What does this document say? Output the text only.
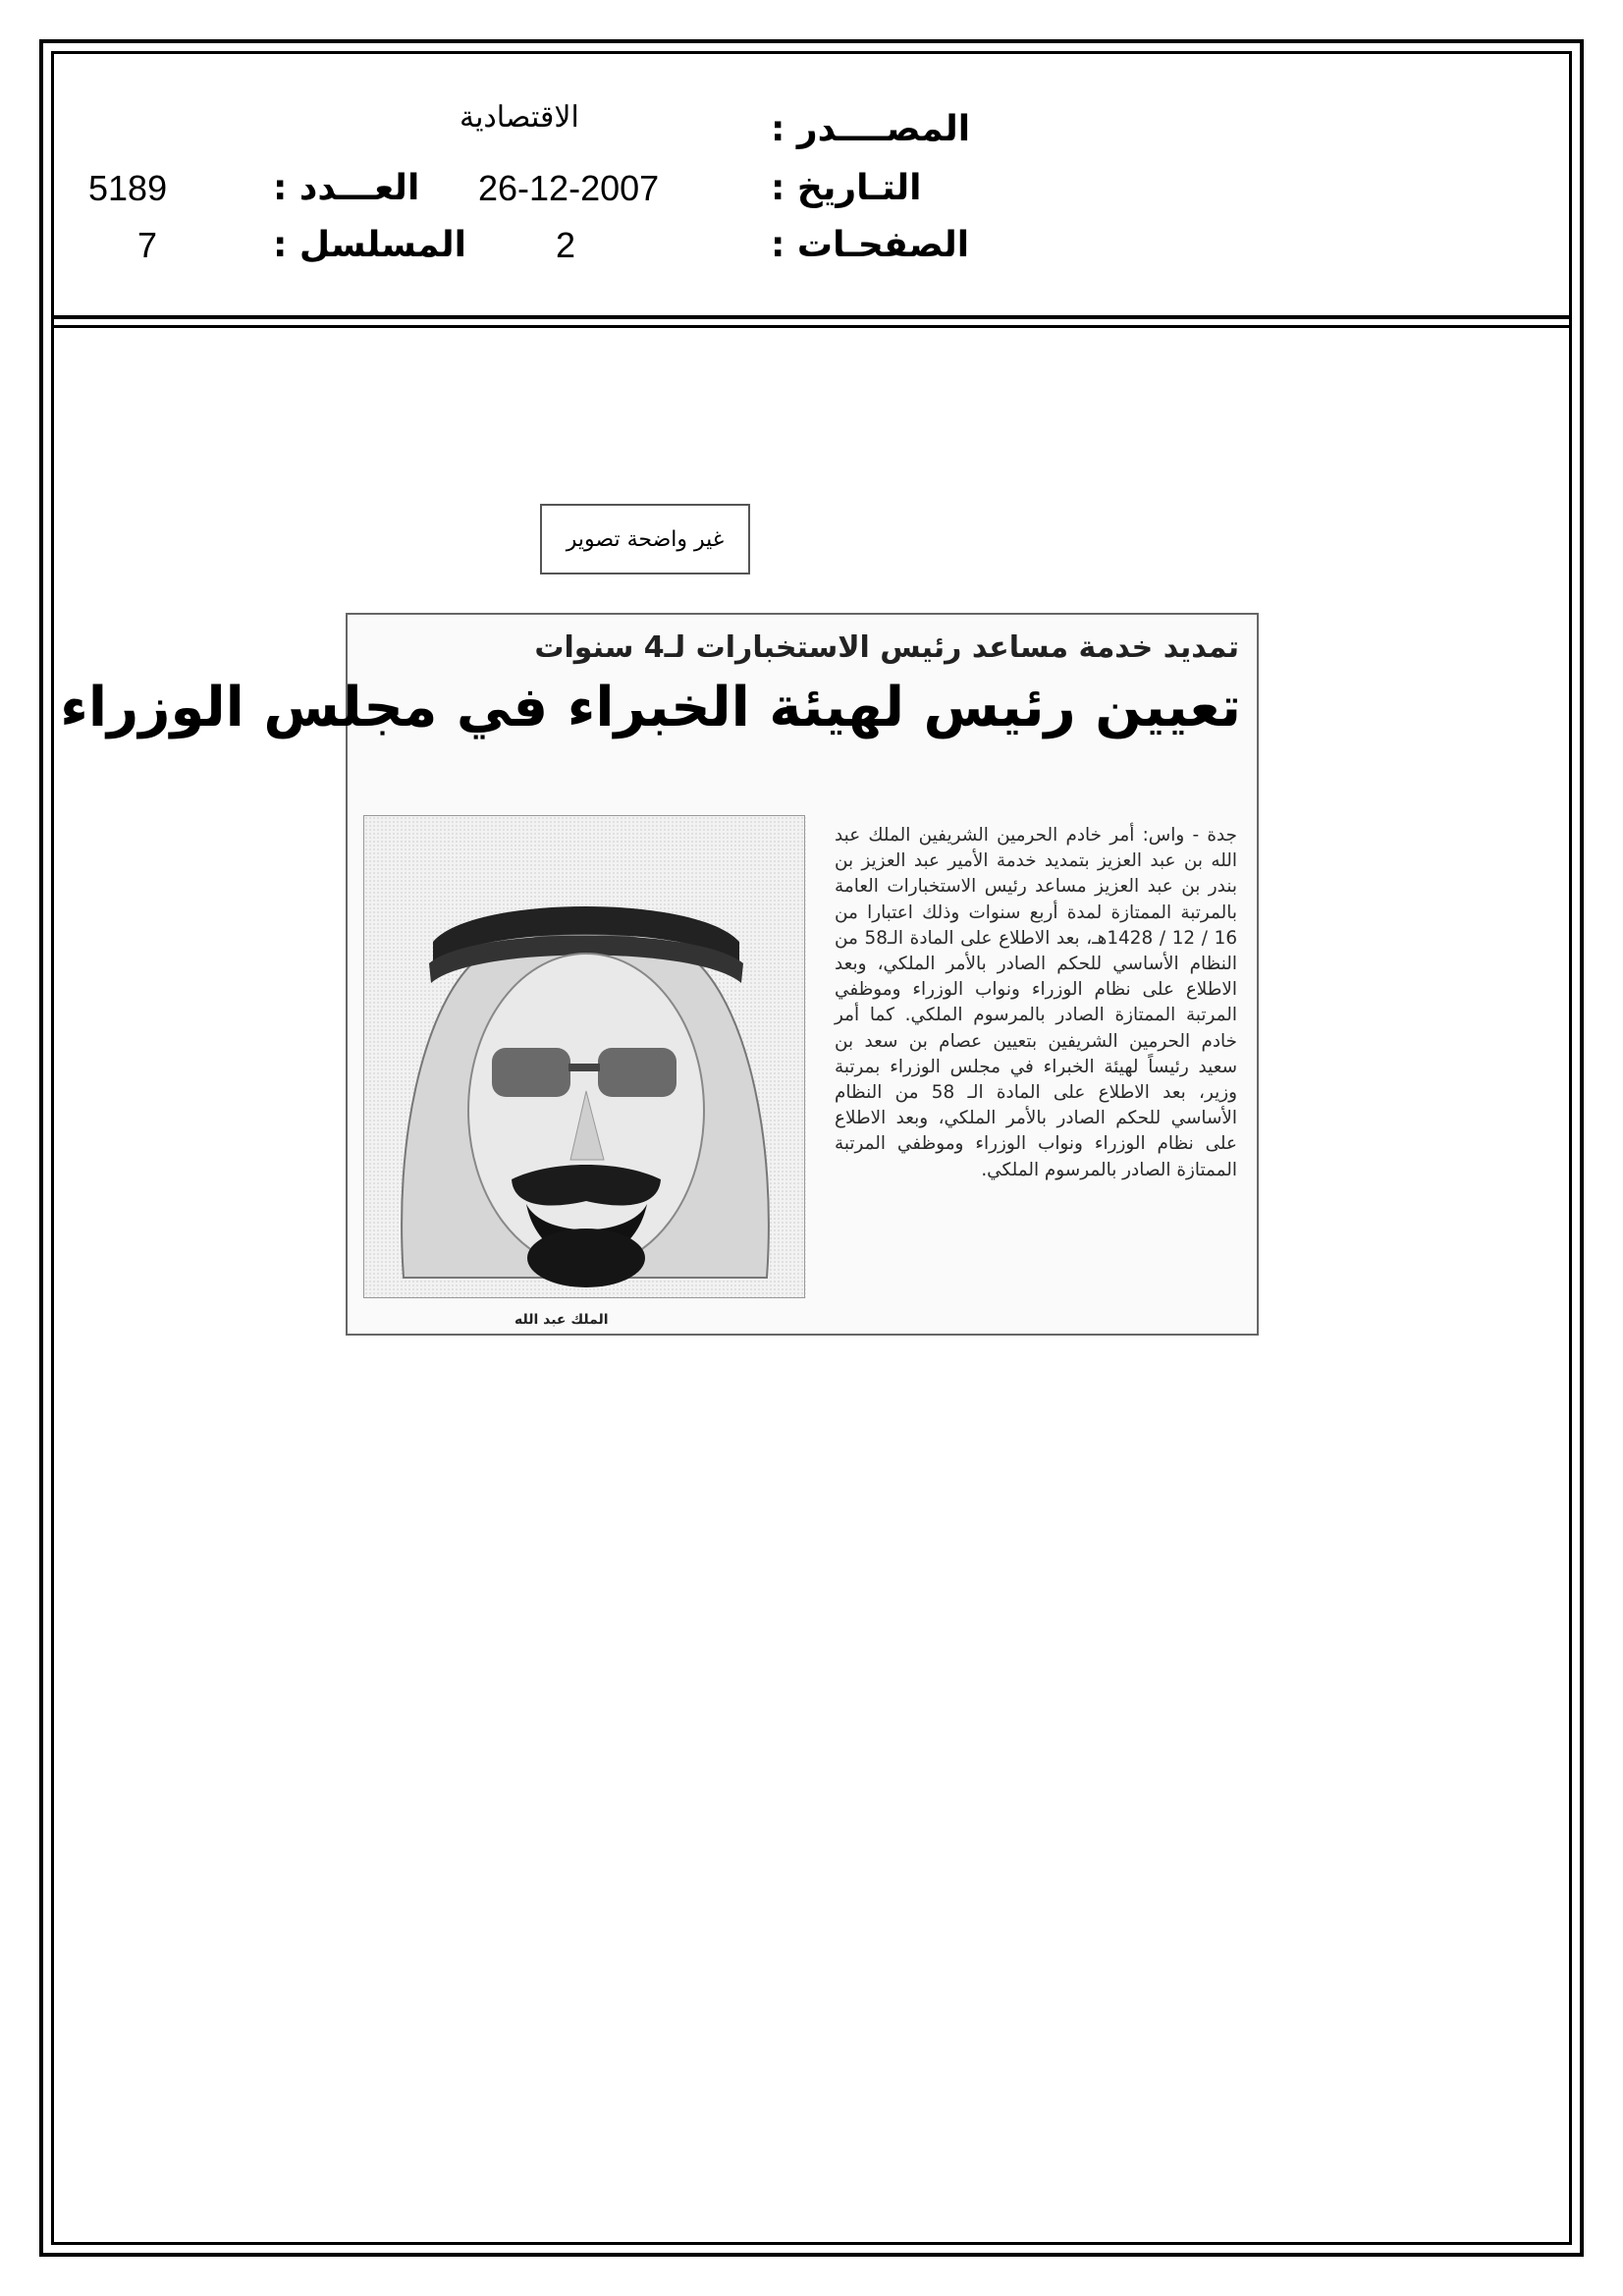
المصــــدر :
الاقتصادية
التـاريخ :
26-12-2007
العـــدد :
5189
الصفحـات :
2
المسلسل :
7
غير واضحة تصوير
تمديد خدمة مساعد رئيس الاستخبارات لـ4 سنوات
تعيين رئيس لهيئة الخبراء في مجلس الوزراء
الملك عبد الله
جدة - واس: أمر خادم الحرمين الشريفين الملك عبد الله بن عبد العزيز بتمديد خدمة الأمير عبد العزيز بن بندر بن عبد العزيز مساعد رئيس الاستخبارات العامة بالمرتبة الممتازة لمدة أربع سنوات وذلك اعتبارا من 16 / 12 / 1428هـ، بعد الاطلاع على المادة الـ58 من النظام الأساسي للحكم الصادر بالأمر الملكي، وبعد الاطلاع على نظام الوزراء ونواب الوزراء وموظفي المرتبة الممتازة الصادر بالمرسوم الملكي. كما أمر خادم الحرمين الشريفين بتعيين عصام بن سعد بن سعيد رئيساً لهيئة الخبراء في مجلس الوزراء بمرتبة وزير، بعد الاطلاع على المادة الـ 58 من النظام الأساسي للحكم الصادر بالأمر الملكي، وبعد الاطلاع على نظام الوزراء ونواب الوزراء وموظفي المرتبة الممتازة الصادر بالمرسوم الملكي.
